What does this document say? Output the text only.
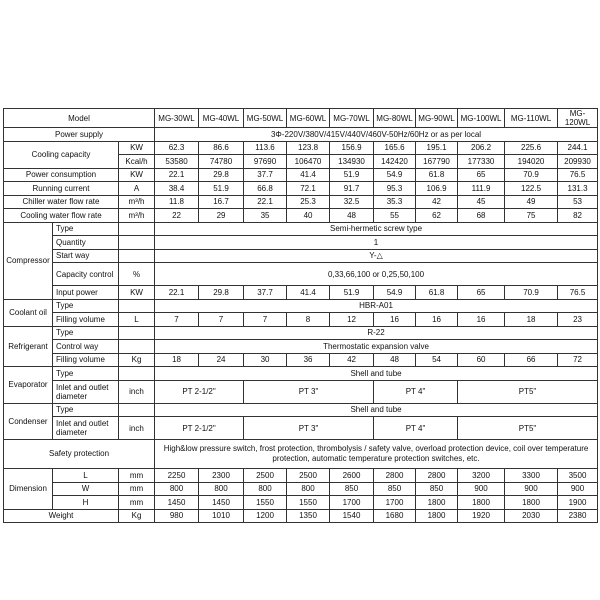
Model			MG-30WL	MG-40WL	MG-50WL	MG-60WL	MG-70WL	MG-80WL	MG-90WL	MG-100WL	MG-110WL	MG-120WL
Power supply			3Φ-220V/380V/415V/440V/460V-50Hz/60Hz or as per local									
Cooling capacity		KW	62.3	86.6	113.6	123.8	156.9	165.6	195.1	206.2	225.6	244.1
		Kcal/h	53580	74780	97690	106470	134930	142420	167790	177330	194020	209930
Power consumption		KW	22.1	29.8	37.7	41.4	51.9	54.9	61.8	65	70.9	76.5
Running current		A	38.4	51.9	66.8	72.1	91.7	95.3	106.9	111.9	122.5	131.3
Chiller water flow rate		m³/h	11.8	16.7	22.1	25.3	32.5	35.3	42	45	49	53
Cooling water flow rate		m³/h	22	29	35	40	48	55	62	68	75	82
Compressor	Type		Semi-hermetic screw type									
	Quantity		1									
	Start way		Y-△									
	Capacity control	%	0,33,66,100 or 0,25,50,100									
	Input power	KW	22.1	29.8	37.7	41.4	51.9	54.9	61.8	65	70.9	76.5
Coolant oil	Type		HBR-A01									
	Filling volume	L	7	7	7	8	12	16	16	16	18	23
Refrigerant	Type		R-22									
	Control way		Thermostatic expansion valve									
	Filling volume	Kg	18	24	30	36	42	48	54	60	66	72
Evaporator	Type		Shell and tube									
	Inlet and outlet diameter	inch	PT 2-1/2"		PT 3"			PT 4"		PT5"		
Condenser	Type		Shell and tube									
	Inlet and outlet diameter	inch	PT 2-1/2"		PT 3"			PT 4"		PT5"		
Safety protection			High&low pressure switch, frost protection, thrombolysis / safety valve, overload protection device, coil over temperature protection, automatic temperature protection switches, etc.									
Dimension	L	mm	2250	2300	2500	2500	2600	2800	2800	3200	3300	3500
	W	mm	800	800	800	800	850	850	850	900	900	900
	H	mm	1450	1450	1550	1550	1700	1700	1800	1800	1800	1900
Weight		Kg	980	1010	1200	1350	1540	1680	1800	1920	2030	2380
